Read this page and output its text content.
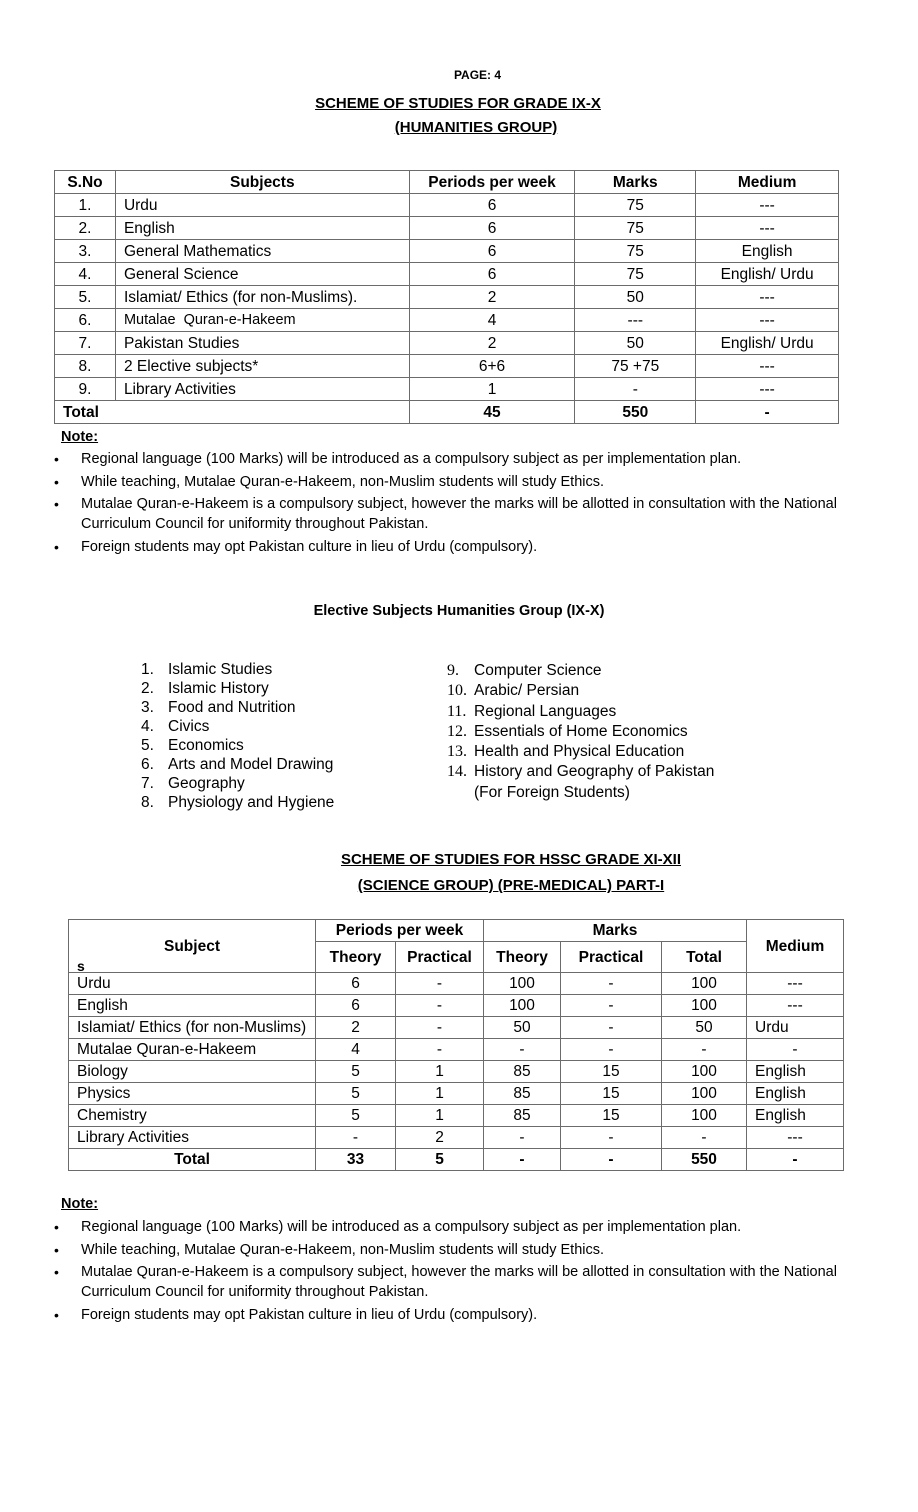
PAGE: 4
SCHEME OF STUDIES FOR GRADE IX-X
(HUMANITIES GROUP)
S.No	Subjects	Periods per week	Marks	Medium
1.	Urdu	6	75	---
2.	English	6	75	---
3.	General Mathematics	6	75	English
4.	General Science	6	75	English/ Urdu
5.	Islamiat/ Ethics (for non-Muslims).	2	50	---
6.	Mutalae  Quran-e-Hakeem	4	---	---
7.	Pakistan Studies	2	50	English/ Urdu
8.	2 Elective subjects*	6+6	75 +75	---
9.	Library Activities	1	-	---
Total		45	550	-
Note:
• Regional language (100 Marks) will be introduced as a compulsory subject as per implementation plan.
• While teaching, Mutalae Quran-e-Hakeem, non-Muslim students will study Ethics.
• Mutalae Quran-e-Hakeem is a compulsory subject, however the marks will be allotted in consultation with the National Curriculum Council for uniformity throughout Pakistan.
• Foreign students may opt Pakistan culture in lieu of Urdu (compulsory).
Elective Subjects Humanities Group (IX-X)
1. Islamic Studies
2. Islamic History
3. Food and Nutrition
4. Civics
5. Economics
6. Arts and Model Drawing
7. Geography
8. Physiology and Hygiene
9. Computer Science
10. Arabic/ Persian
11. Regional Languages
12. Essentials of Home Economics
13. Health and Physical Education
14. History and Geography of Pakistan
(For Foreign Students)
SCHEME OF STUDIES FOR HSSC GRADE XI-XII
(SCIENCE GROUP) (PRE-MEDICAL) PART-I
Subject
s	Periods per week		Marks			Medium
	Theory	Practical	Theory	Practical	Total	
Urdu	6	-	100	-	100	---
English	6	-	100	-	100	---
Islamiat/ Ethics (for non-Muslims)	2	-	50	-	50	Urdu
Mutalae Quran-e-Hakeem	4	-	-	-	-	-
Biology	5	1	85	15	100	English
Physics	5	1	85	15	100	English
Chemistry	5	1	85	15	100	English
Library Activities	-	2	-	-	-	---
Total	33	5	-	-	550	-
Note:
• Regional language (100 Marks) will be introduced as a compulsory subject as per implementation plan.
• While teaching, Mutalae Quran-e-Hakeem, non-Muslim students will study Ethics.
• Mutalae Quran-e-Hakeem is a compulsory subject, however the marks will be allotted in consultation with the National Curriculum Council for uniformity throughout Pakistan.
• Foreign students may opt Pakistan culture in lieu of Urdu (compulsory).
